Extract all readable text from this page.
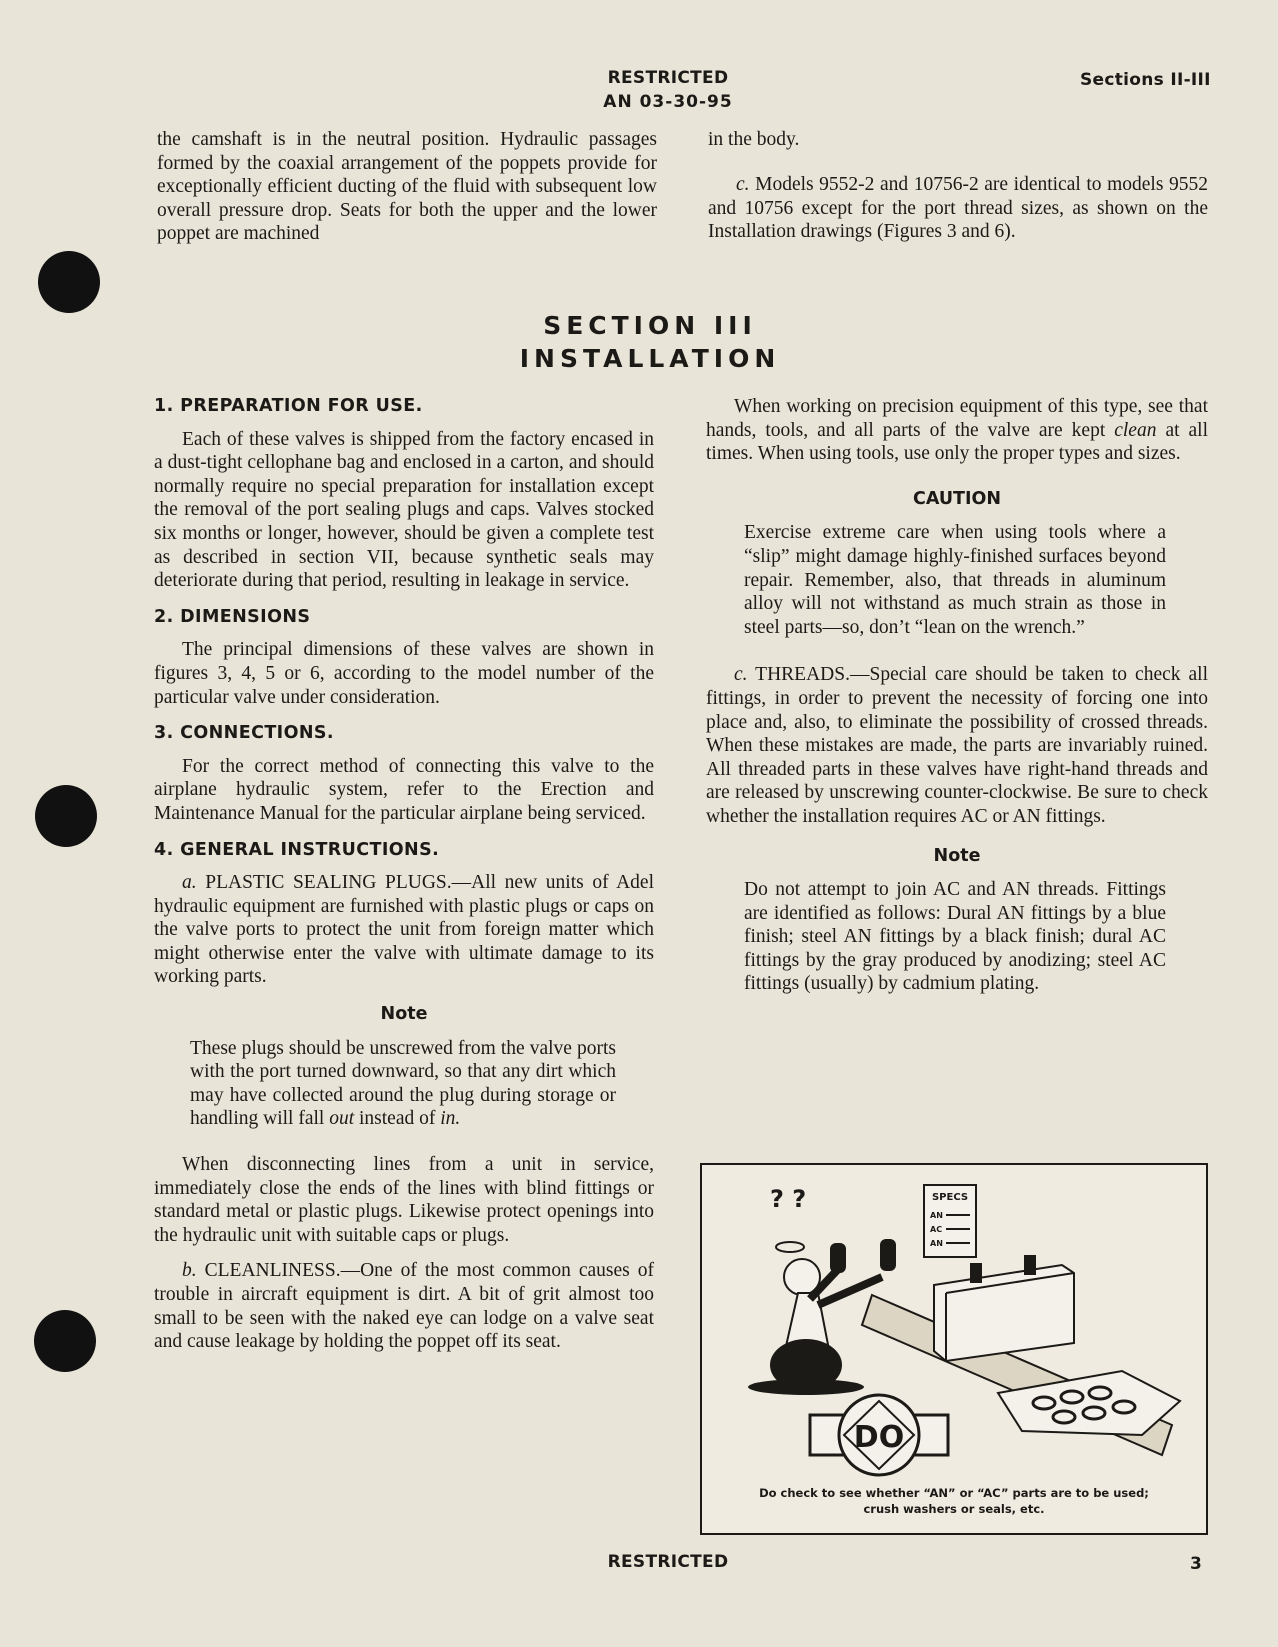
RESTRICTED
AN 03-30-95
Sections II-III

the camshaft is in the neutral position. Hydraulic passages formed by the coaxial arrangement of the poppets provide for exceptionally efficient ducting of the fluid with subsequent low overall pressure drop. Seats for both the upper and the lower poppet are machined

in the body.

c. Models 9552-2 and 10756-2 are identical to models 9552 and 10756 except for the port thread sizes, as shown on the Installation drawings (Figures 3 and 6).

SECTION III
INSTALLATION

1. PREPARATION FOR USE.

Each of these valves is shipped from the factory encased in a dust-tight cellophane bag and enclosed in a carton, and should normally require no special preparation for installation except the removal of the port sealing plugs and caps. Valves stocked six months or longer, however, should be given a complete test as described in section VII, because synthetic seals may deteriorate during that period, resulting in leakage in service.

2. DIMENSIONS

The principal dimensions of these valves are shown in figures 3, 4, 5 or 6, according to the model number of the particular valve under consideration.

3. CONNECTIONS.

For the correct method of connecting this valve to the airplane hydraulic system, refer to the Erection and Maintenance Manual for the particular airplane being serviced.

4. GENERAL INSTRUCTIONS.

a. PLASTIC SEALING PLUGS.—All new units of Adel hydraulic equipment are furnished with plastic plugs or caps on the valve ports to protect the unit from foreign matter which might otherwise enter the valve with ultimate damage to its working parts.

Note

These plugs should be unscrewed from the valve ports with the port turned downward, so that any dirt which may have collected around the plug during storage or handling will fall out instead of in.

When disconnecting lines from a unit in service, immediately close the ends of the lines with blind fittings or standard metal or plastic plugs. Likewise protect openings into the hydraulic unit with suitable caps or plugs.

b. CLEANLINESS.—One of the most common causes of trouble in aircraft equipment is dirt. A bit of grit almost too small to be seen with the naked eye can lodge on a valve seat and cause leakage by holding the poppet off its seat.

When working on precision equipment of this type, see that hands, tools, and all parts of the valve are kept clean at all times. When using tools, use only the proper types and sizes.

CAUTION

Exercise extreme care when using tools where a “slip” might damage highly-finished surfaces beyond repair. Remember, also, that threads in aluminum alloy will not withstand as much strain as those in steel parts—so, don’t “lean on the wrench.”

c. THREADS.—Special care should be taken to check all fittings, in order to prevent the necessity of forcing one into place and, also, to eliminate the possibility of crossed threads. When these mistakes are made, the parts are invariably ruined. All threaded parts in these valves have right-hand threads and are released by unscrewing counter-clockwise. Be sure to check whether the installation requires AC or AN fittings.

Note

Do not attempt to join AC and AN threads. Fittings are identified as follows: Dural AN fittings by a blue finish; steel AN fittings by a black finish; dural AC fittings by the gray produced by anodizing; steel AC fittings (usually) by cadmium plating.

SPECS
AN
AC
AN
? ?
DO
Do check to see whether “AN” or “AC” parts are to be used; crush washers or seals, etc.
RESTRICTED	3
